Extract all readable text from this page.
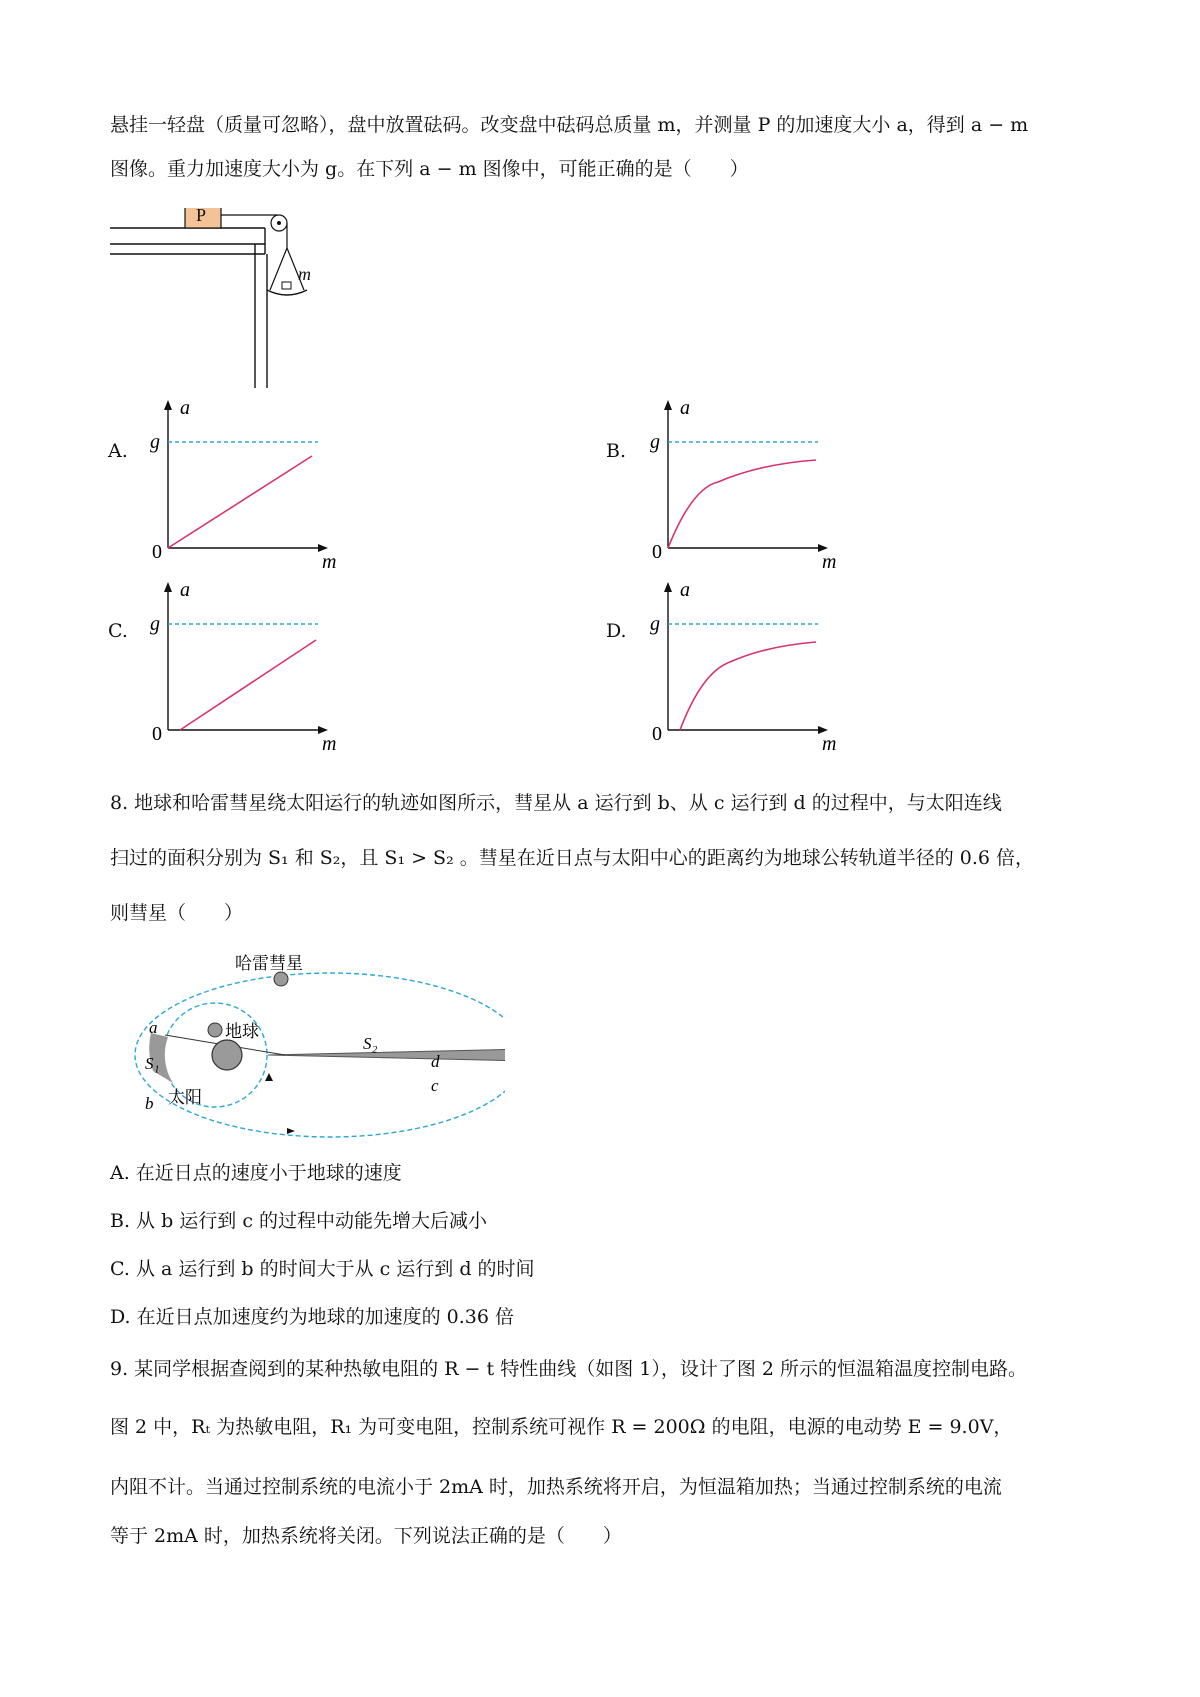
悬挂一轻盘（质量可忽略），盘中放置砝码。改变盘中砝码总质量 m，并测量 P 的加速度大小 a，得到 a − m
图像。重力加速度大小为 g。在下列 a − m 图像中，可能正确的是（　　）
P
m
A.
a
g
0	m
B.
a
g
0	m
C.
a
g
0	m
D.
a
g
0	m
8. 地球和哈雷彗星绕太阳运行的轨迹如图所示，彗星从 a 运行到 b、从 c 运行到 d 的过程中，与太阳连线
扫过的面积分别为 S₁ 和 S₂，且 S₁ > S₂ 。彗星在近日点与太阳中心的距离约为地球公转轨道半径的 0.6 倍，
则彗星（　　）
哈雷彗星
地球
太阳
a
b
c
d
S₁
S₂
A. 在近日点的速度小于地球的速度
B. 从 b 运行到 c 的过程中动能先增大后减小
C. 从 a 运行到 b 的时间大于从 c 运行到 d 的时间
D. 在近日点加速度约为地球的加速度的 0.36 倍
9. 某同学根据查阅到的某种热敏电阻的 R − t 特性曲线（如图 1），设计了图 2 所示的恒温箱温度控制电路。
图 2 中，Rₜ 为热敏电阻，R₁ 为可变电阻，控制系统可视作 R = 200Ω 的电阻，电源的电动势 E = 9.0V，
内阻不计。当通过控制系统的电流小于 2mA 时，加热系统将开启，为恒温箱加热；当通过控制系统的电流
等于 2mA 时，加热系统将关闭。下列说法正确的是（　　）
